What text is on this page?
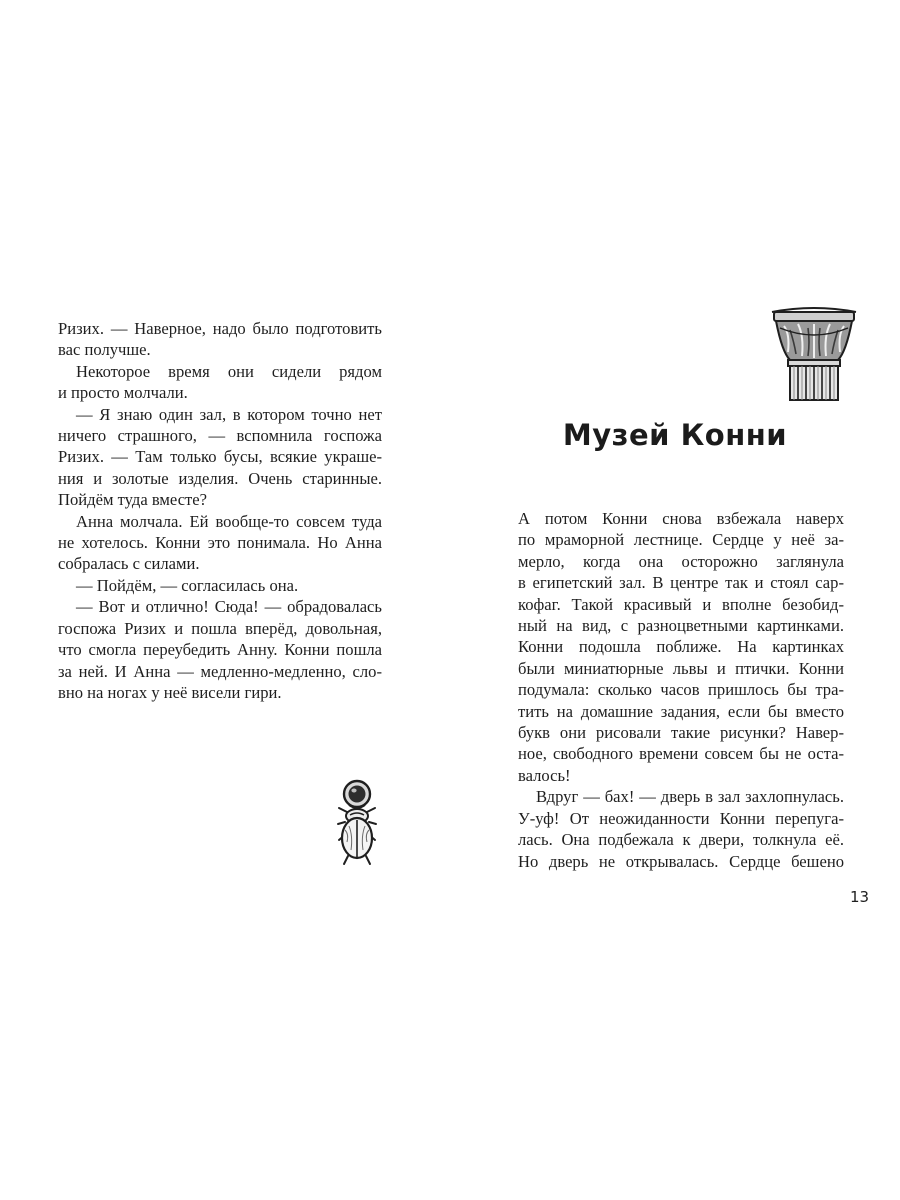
Ризих. — Наверное, надо было подготовить
вас получше.
Некоторое время они сидели рядом
и просто молчали.
— Я знаю один зал, в котором точно нет
ничего страшного, — вспомнила госпожа
Ризих. — Там только бусы, всякие украше-
ния и золотые изделия. Очень старинные.
Пойдём туда вместе?
Анна молчала. Ей вообще-то совсем туда
не хотелось. Конни это понимала. Но Анна
собралась с силами.
— Пойдём, — согласилась она.
— Вот и отлично! Сюда! — обрадовалась
госпожа Ризих и пошла вперёд, довольная,
что смогла переубедить Анну. Конни пошла
за ней. И Анна — медленно-медленно, сло-
вно на ногах у неё висели гири.
Музей Конни
А потом Конни снова взбежала наверх
по мраморной лестнице. Сердце у неё за-
мерло, когда она осторожно заглянула
в египетский зал. В центре так и стоял сар-
кофаг. Такой красивый и вполне безобид-
ный на вид, с разноцветными картинками.
Конни подошла поближе. На картинках
были миниатюрные львы и птички. Конни
подумала: сколько часов пришлось бы тра-
тить на домашние задания, если бы вместо
букв они рисовали такие рисунки? Навер-
ное, свободного времени совсем бы не оста-
валось!
Вдруг — бах! — дверь в зал захлопнулась.
У-уф! От неожиданности Конни перепуга-
лась. Она подбежала к двери, толкнула её.
Но дверь не открывалась. Сердце бешено
13
